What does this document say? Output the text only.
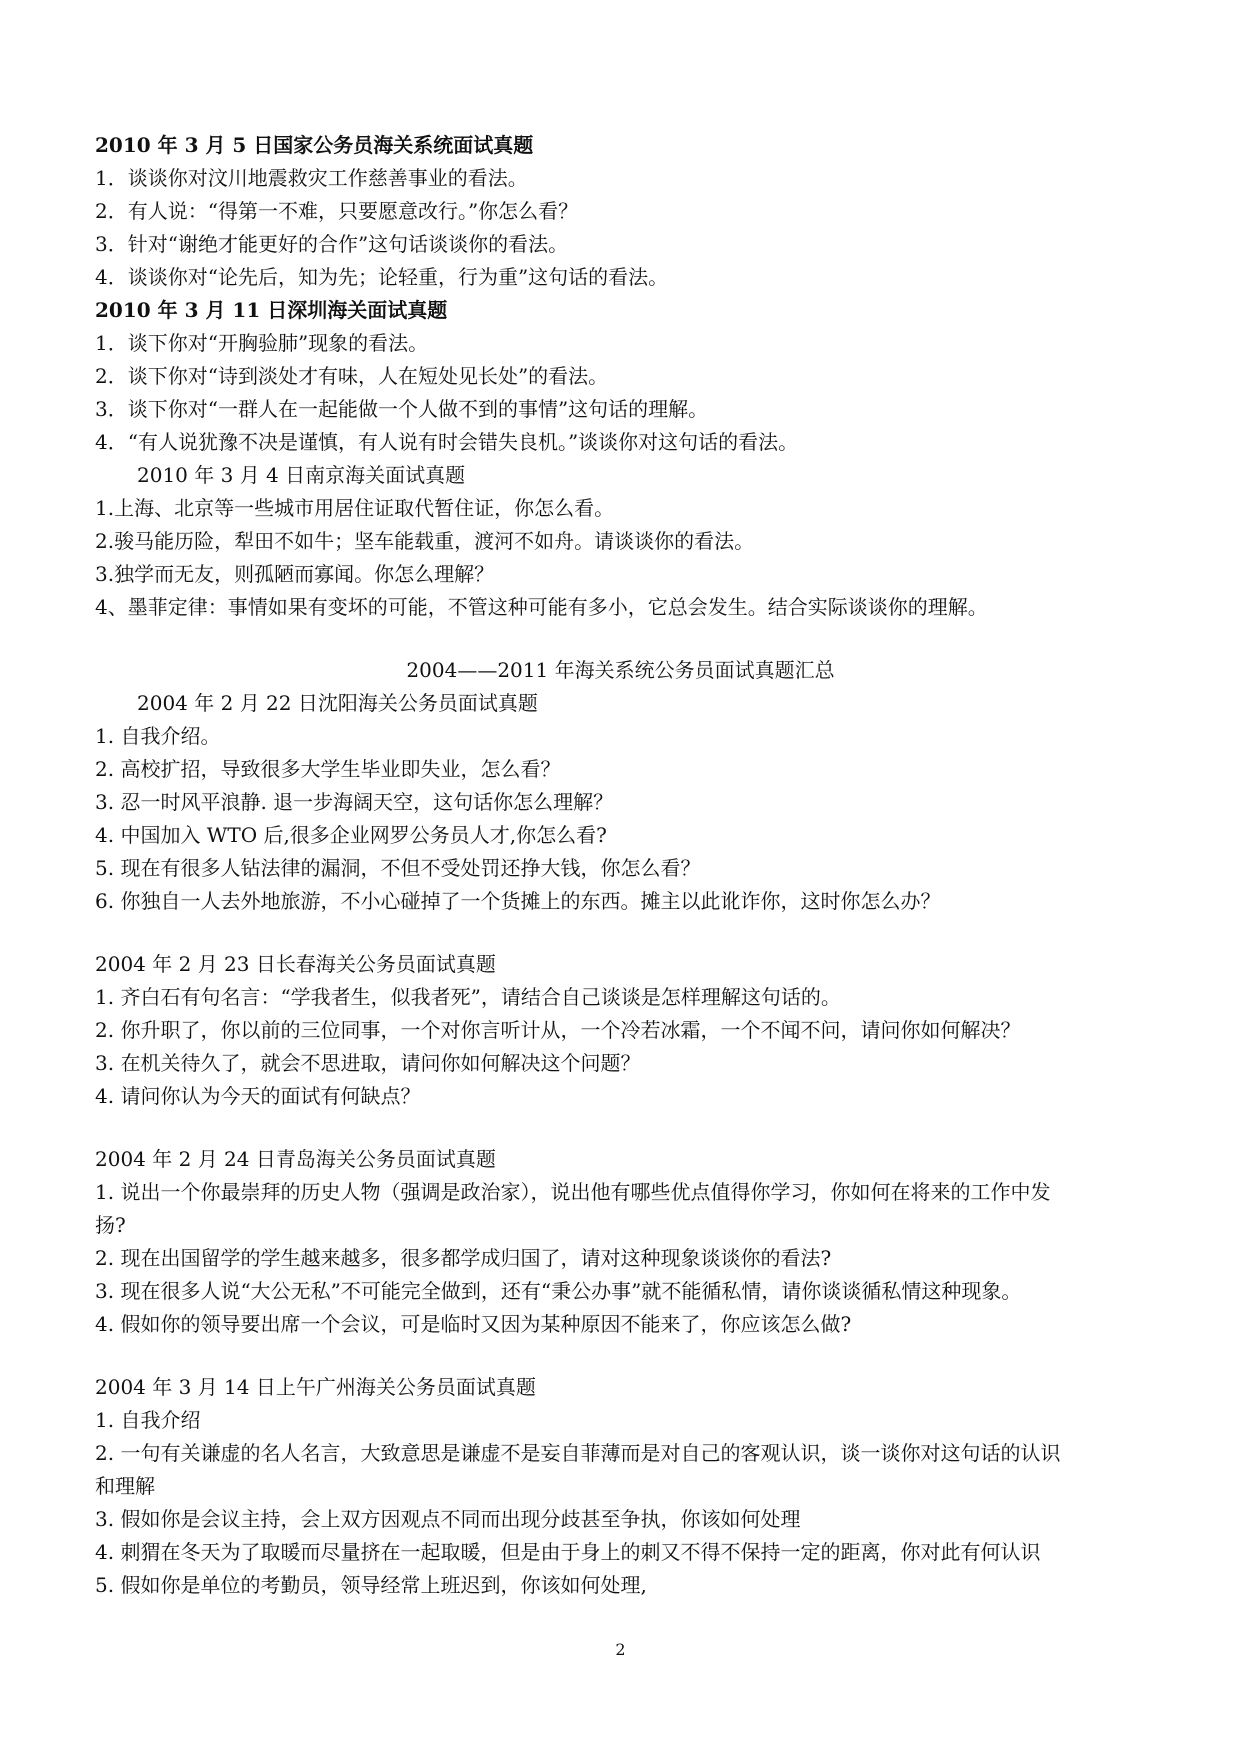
2010 年 3 月 5 日国家公务员海关系统面试真题
1．谈谈你对汶川地震救灾工作慈善事业的看法。
2．有人说：“得第一不难，只要愿意改行。”你怎么看？
3．针对“谢绝才能更好的合作”这句话谈谈你的看法。
4．谈谈你对“论先后，知为先；论轻重，行为重”这句话的看法。
2010 年 3 月 11 日深圳海关面试真题
1．谈下你对“开胸验肺”现象的看法。
2．谈下你对“诗到淡处才有味，人在短处见长处”的看法。
3．谈下你对“一群人在一起能做一个人做不到的事情”这句话的理解。
4．“有人说犹豫不决是谨慎，有人说有时会错失良机。”谈谈你对这句话的看法。
2010 年 3 月 4 日南京海关面试真题
1.上海、北京等一些城市用居住证取代暂住证，你怎么看。
2.骏马能历险，犁田不如牛；坚车能载重，渡河不如舟。请谈谈你的看法。
3.独学而无友，则孤陋而寡闻。你怎么理解？
4、墨菲定律：事情如果有变坏的可能，不管这种可能有多小，它总会发生。结合实际谈谈你的理解。
2004——2011 年海关系统公务员面试真题汇总
2004 年 2 月 22 日沈阳海关公务员面试真题
1. 自我介绍。
2. 高校扩招，导致很多大学生毕业即失业，怎么看？
3. 忍一时风平浪静. 退一步海阔天空，这句话你怎么理解？
4. 中国加入 WTO 后,很多企业网罗公务员人才,你怎么看?
5. 现在有很多人钻法律的漏洞，不但不受处罚还挣大钱，你怎么看？
6. 你独自一人去外地旅游，不小心碰掉了一个货摊上的东西。摊主以此讹诈你，这时你怎么办？
2004 年 2 月 23 日长春海关公务员面试真题
1. 齐白石有句名言：“学我者生，似我者死”，请结合自己谈谈是怎样理解这句话的。
2. 你升职了，你以前的三位同事，一个对你言听计从，一个冷若冰霜，一个不闻不问，请问你如何解决？
3. 在机关待久了，就会不思进取，请问你如何解决这个问题？
4. 请问你认为今天的面试有何缺点？
2004 年 2 月 24 日青岛海关公务员面试真题
1. 说出一个你最崇拜的历史人物（强调是政治家），说出他有哪些优点值得你学习，你如何在将来的工作中发
扬?
2. 现在出国留学的学生越来越多，很多都学成归国了，请对这种现象谈谈你的看法?
3. 现在很多人说“大公无私”不可能完全做到，还有“秉公办事”就不能循私情，请你谈谈循私情这种现象。
4. 假如你的领导要出席一个会议，可是临时又因为某种原因不能来了，你应该怎么做?
2004 年 3 月 14 日上午广州海关公务员面试真题
1. 自我介绍
2. 一句有关谦虚的名人名言，大致意思是谦虚不是妄自菲薄而是对自己的客观认识，谈一谈你对这句话的认识
和理解
3. 假如你是会议主持，会上双方因观点不同而出现分歧甚至争执，你该如何处理
4. 刺猬在冬天为了取暖而尽量挤在一起取暖，但是由于身上的刺又不得不保持一定的距离，你对此有何认识
5. 假如你是单位的考勤员，领导经常上班迟到，你该如何处理,
2
